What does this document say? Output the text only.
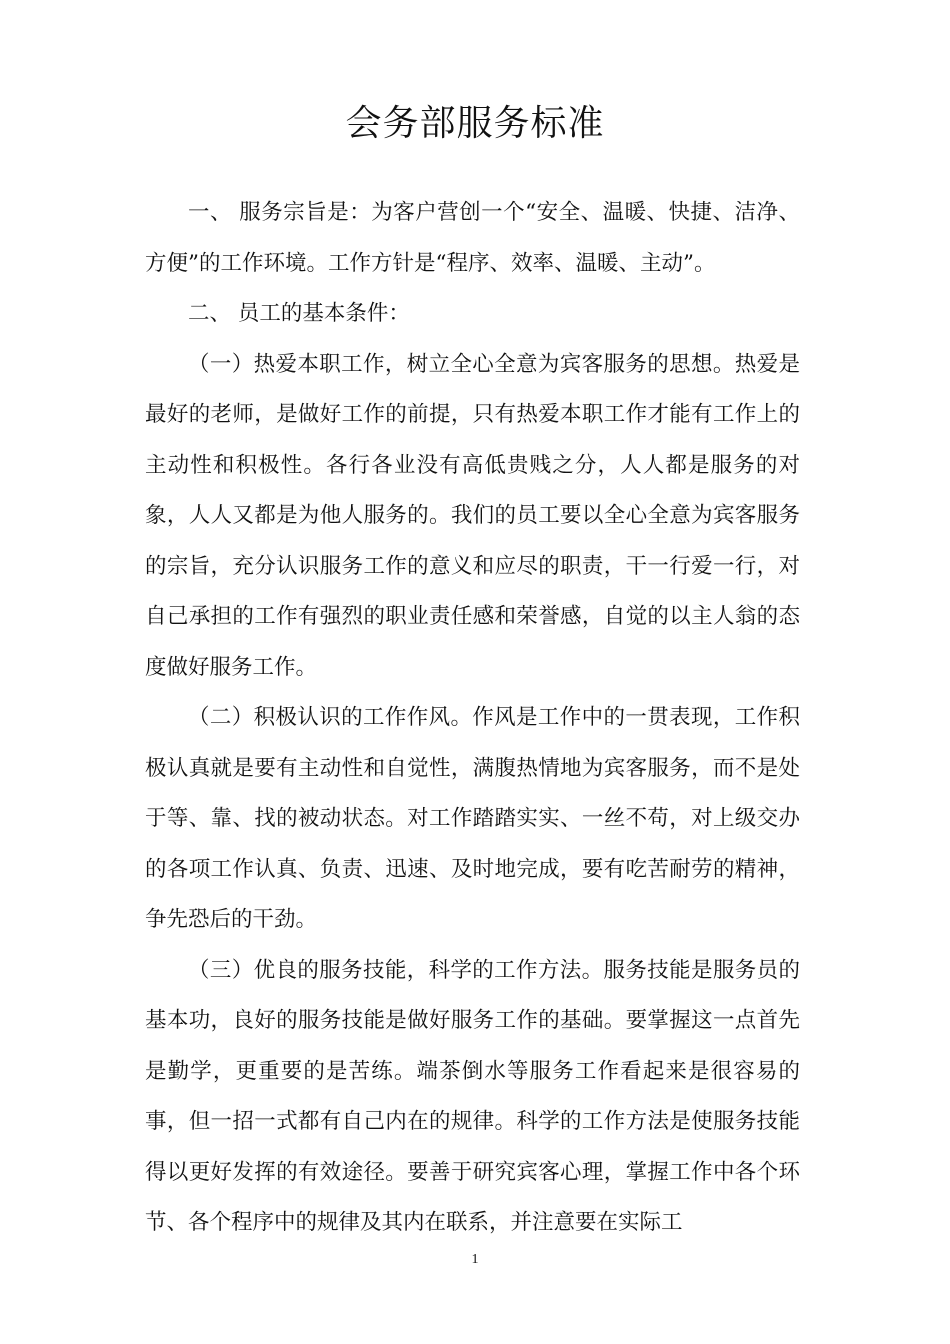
会务部服务标准

一、 服务宗旨是：为客户营创一个“安全、温暖、快捷、洁净、方便”的工作环境。工作方针是“程序、效率、温暖、主动”。

二、 员工的基本条件：

（一）热爱本职工作，树立全心全意为宾客服务的思想。热爱是最好的老师，是做好工作的前提，只有热爱本职工作才能有工作上的主动性和积极性。各行各业没有高低贵贱之分，人人都是服务的对象，人人又都是为他人服务的。我们的员工要以全心全意为宾客服务的宗旨，充分认识服务工作的意义和应尽的职责，干一行爱一行，对自己承担的工作有强烈的职业责任感和荣誉感，自觉的以主人翁的态度做好服务工作。

（二）积极认识的工作作风。作风是工作中的一贯表现，工作积极认真就是要有主动性和自觉性，满腹热情地为宾客服务，而不是处于等、靠、找的被动状态。对工作踏踏实实、一丝不苟，对上级交办的各项工作认真、负责、迅速、及时地完成，要有吃苦耐劳的精神，争先恐后的干劲。

（三）优良的服务技能，科学的工作方法。服务技能是服务员的基本功，良好的服务技能是做好服务工作的基础。要掌握这一点首先是勤学，更重要的是苦练。端茶倒水等服务工作看起来是很容易的事，但一招一式都有自己内在的规律。科学的工作方法是使服务技能得以更好发挥的有效途径。要善于研究宾客心理，掌握工作中各个环节、各个程序中的规律及其内在联系，并注意要在实际工

1
